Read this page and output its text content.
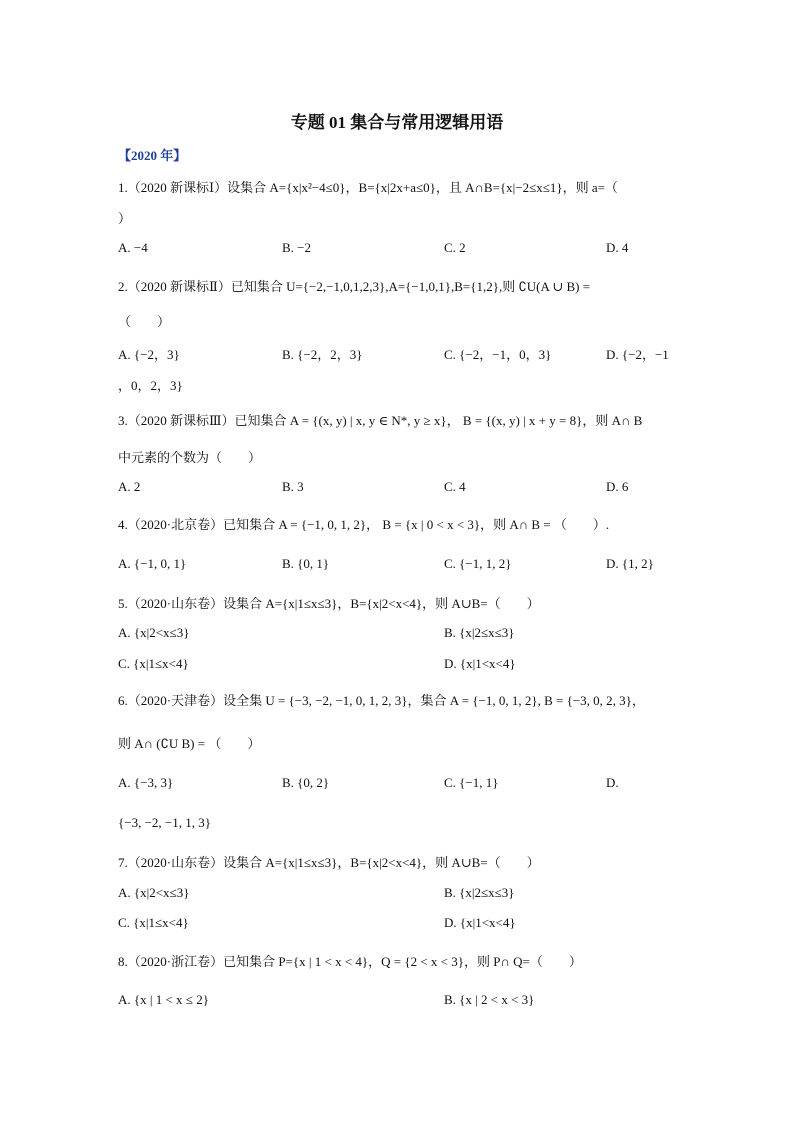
专题 01 集合与常用逻辑用语
【2020 年】
1.（2020 新课标Ⅰ）设集合 A={x|x²−4≤0}，B={x|2x+a≤0}，且 A∩B={x|−2≤x≤1}，则 a=（
）
A. −4	B. −2	C. 2	D. 4
2.（2020 新课标Ⅱ）已知集合 U={−2,−1,0,1,2,3},A={−1,0,1},B={1,2},则 ∁U(A ∪ B) =
（　　）
A. {−2，3}	B. {−2，2，3}	C. {−2，−1，0，3}	D. {−2，−1
，0，2，3}
3.（2020 新课标Ⅲ）已知集合 A = {(x, y) | x, y ∈ N*, y ≥ x}， B = {(x, y) | x + y = 8}，则 A∩ B
中元素的个数为（　　）
A. 2	B. 3	C. 4	D. 6
4.（2020·北京卷）已知集合 A = {−1, 0, 1, 2}， B = {x | 0 < x < 3}，则 A∩ B = （　　）.
A. {−1, 0, 1}	B. {0, 1}	C. {−1, 1, 2}	D. {1, 2}
5.（2020·山东卷）设集合 A={x|1≤x≤3}，B={x|2<x<4}，则 A∪B=（　　）
A. {x|2<x≤3}	B. {x|2≤x≤3}
C. {x|1≤x<4}	D. {x|1<x<4}
6.（2020·天津卷）设全集 U = {−3, −2, −1, 0, 1, 2, 3}，集合 A = {−1, 0, 1, 2}, B = {−3, 0, 2, 3}，
则 A∩ (∁U B) = （　　）
A. {−3, 3}	B. {0, 2}	C. {−1, 1}	D.
{−3, −2, −1, 1, 3}
7.（2020·山东卷）设集合 A={x|1≤x≤3}，B={x|2<x<4}，则 A∪B=（　　）
A. {x|2<x≤3}	B. {x|2≤x≤3}
C. {x|1≤x<4}	D. {x|1<x<4}
8.（2020·浙江卷）已知集合 P={x | 1 < x < 4}，Q = {2 < x < 3}，则 P∩ Q=（　　）
A. {x | 1 < x ≤ 2}	B. {x | 2 < x < 3}
